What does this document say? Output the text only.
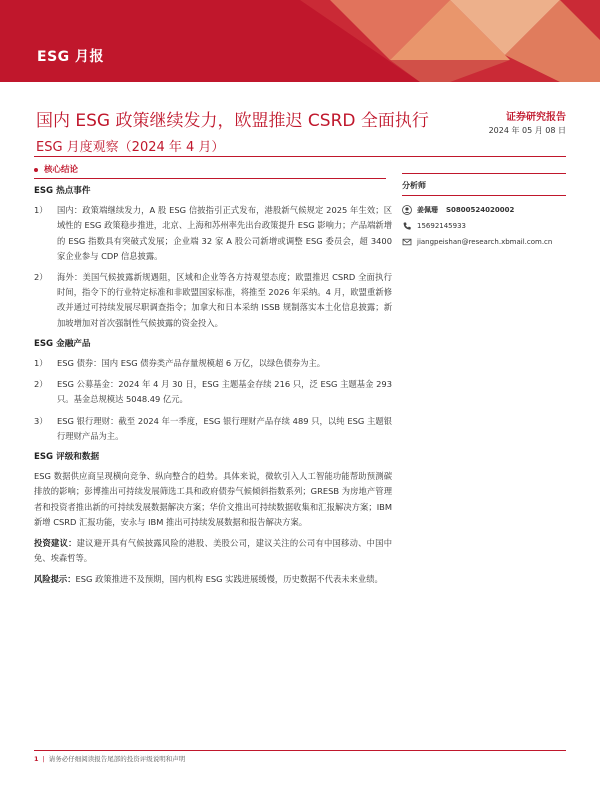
ESG 月报
国内 ESG 政策继续发力，欧盟推迟 CSRD 全面执行
ESG 月度观察（2024 年 4 月）
证券研究报告
2024 年 05 月 08 日
核心结论
ESG 热点事件
1）	国内：政策端继续发力，A 股 ESG 信披指引正式发布，港股新气候规定 2025 年生效；区域性的 ESG 政策稳步推进，北京、上海和苏州率先出台政策提升 ESG 影响力；产品端新增的 ESG 指数具有突破式发展；企业端 32 家 A 股公司新增或调整 ESG 委员会，超 3400 家企业参与 CDP 信息披露。
2）	海外：美国气候披露新规遇阻，区域和企业等各方持观望态度；欧盟推迟 CSRD 全面执行时间，指令下的行业特定标准和非欧盟国家标准，将推至 2026 年采纳。4 月，欧盟重新修改并通过可持续发展尽职调查指令；加拿大和日本采纳 ISSB 规制落实本土化信息披露；新加坡增加对首次强制性气候披露的资金投入。
ESG 金融产品
1）	ESG 债券：国内 ESG 债券类产品存量规模超 6 万亿，以绿色债券为主。
2）	ESG 公募基金：2024 年 4 月 30 日，ESG 主题基金存续 216 只，泛 ESG 主题基金 293 只。基金总规模达 5048.49 亿元。
3）	ESG 银行理财：截至 2024 年一季度，ESG 银行理财产品存续 489 只，以纯 ESG 主题银行理财产品为主。
ESG 评级和数据
ESG 数据供应商呈现横向竞争、纵向整合的趋势。具体来说，微软引入人工智能功能帮助预测碳排放的影响；彭博推出可持续发展筛选工具和政府债券气候倾斜指数系列；GRESB 为房地产管理者和投资者推出新的可持续发展数据解决方案；华价文推出可持续数据收集和汇报解决方案；IBM 新增 CSRD 汇报功能，安永与 IBM 推出可持续发展数据和报告解决方案。
投资建议：建议避开具有气候披露风险的港股、美股公司，建议关注的公司有中国移动、中国中免、埃森哲等。
风险提示：ESG 政策推进不及预期，国内机构 ESG 实践进展缓慢，历史数据不代表未来业绩。
分析师
姜佩珊 S0800524020002
15692145933
jiangpeishan@research.xbmail.com.cn
1 | 请务必仔细阅读报告尾部的投资评级说明和声明
